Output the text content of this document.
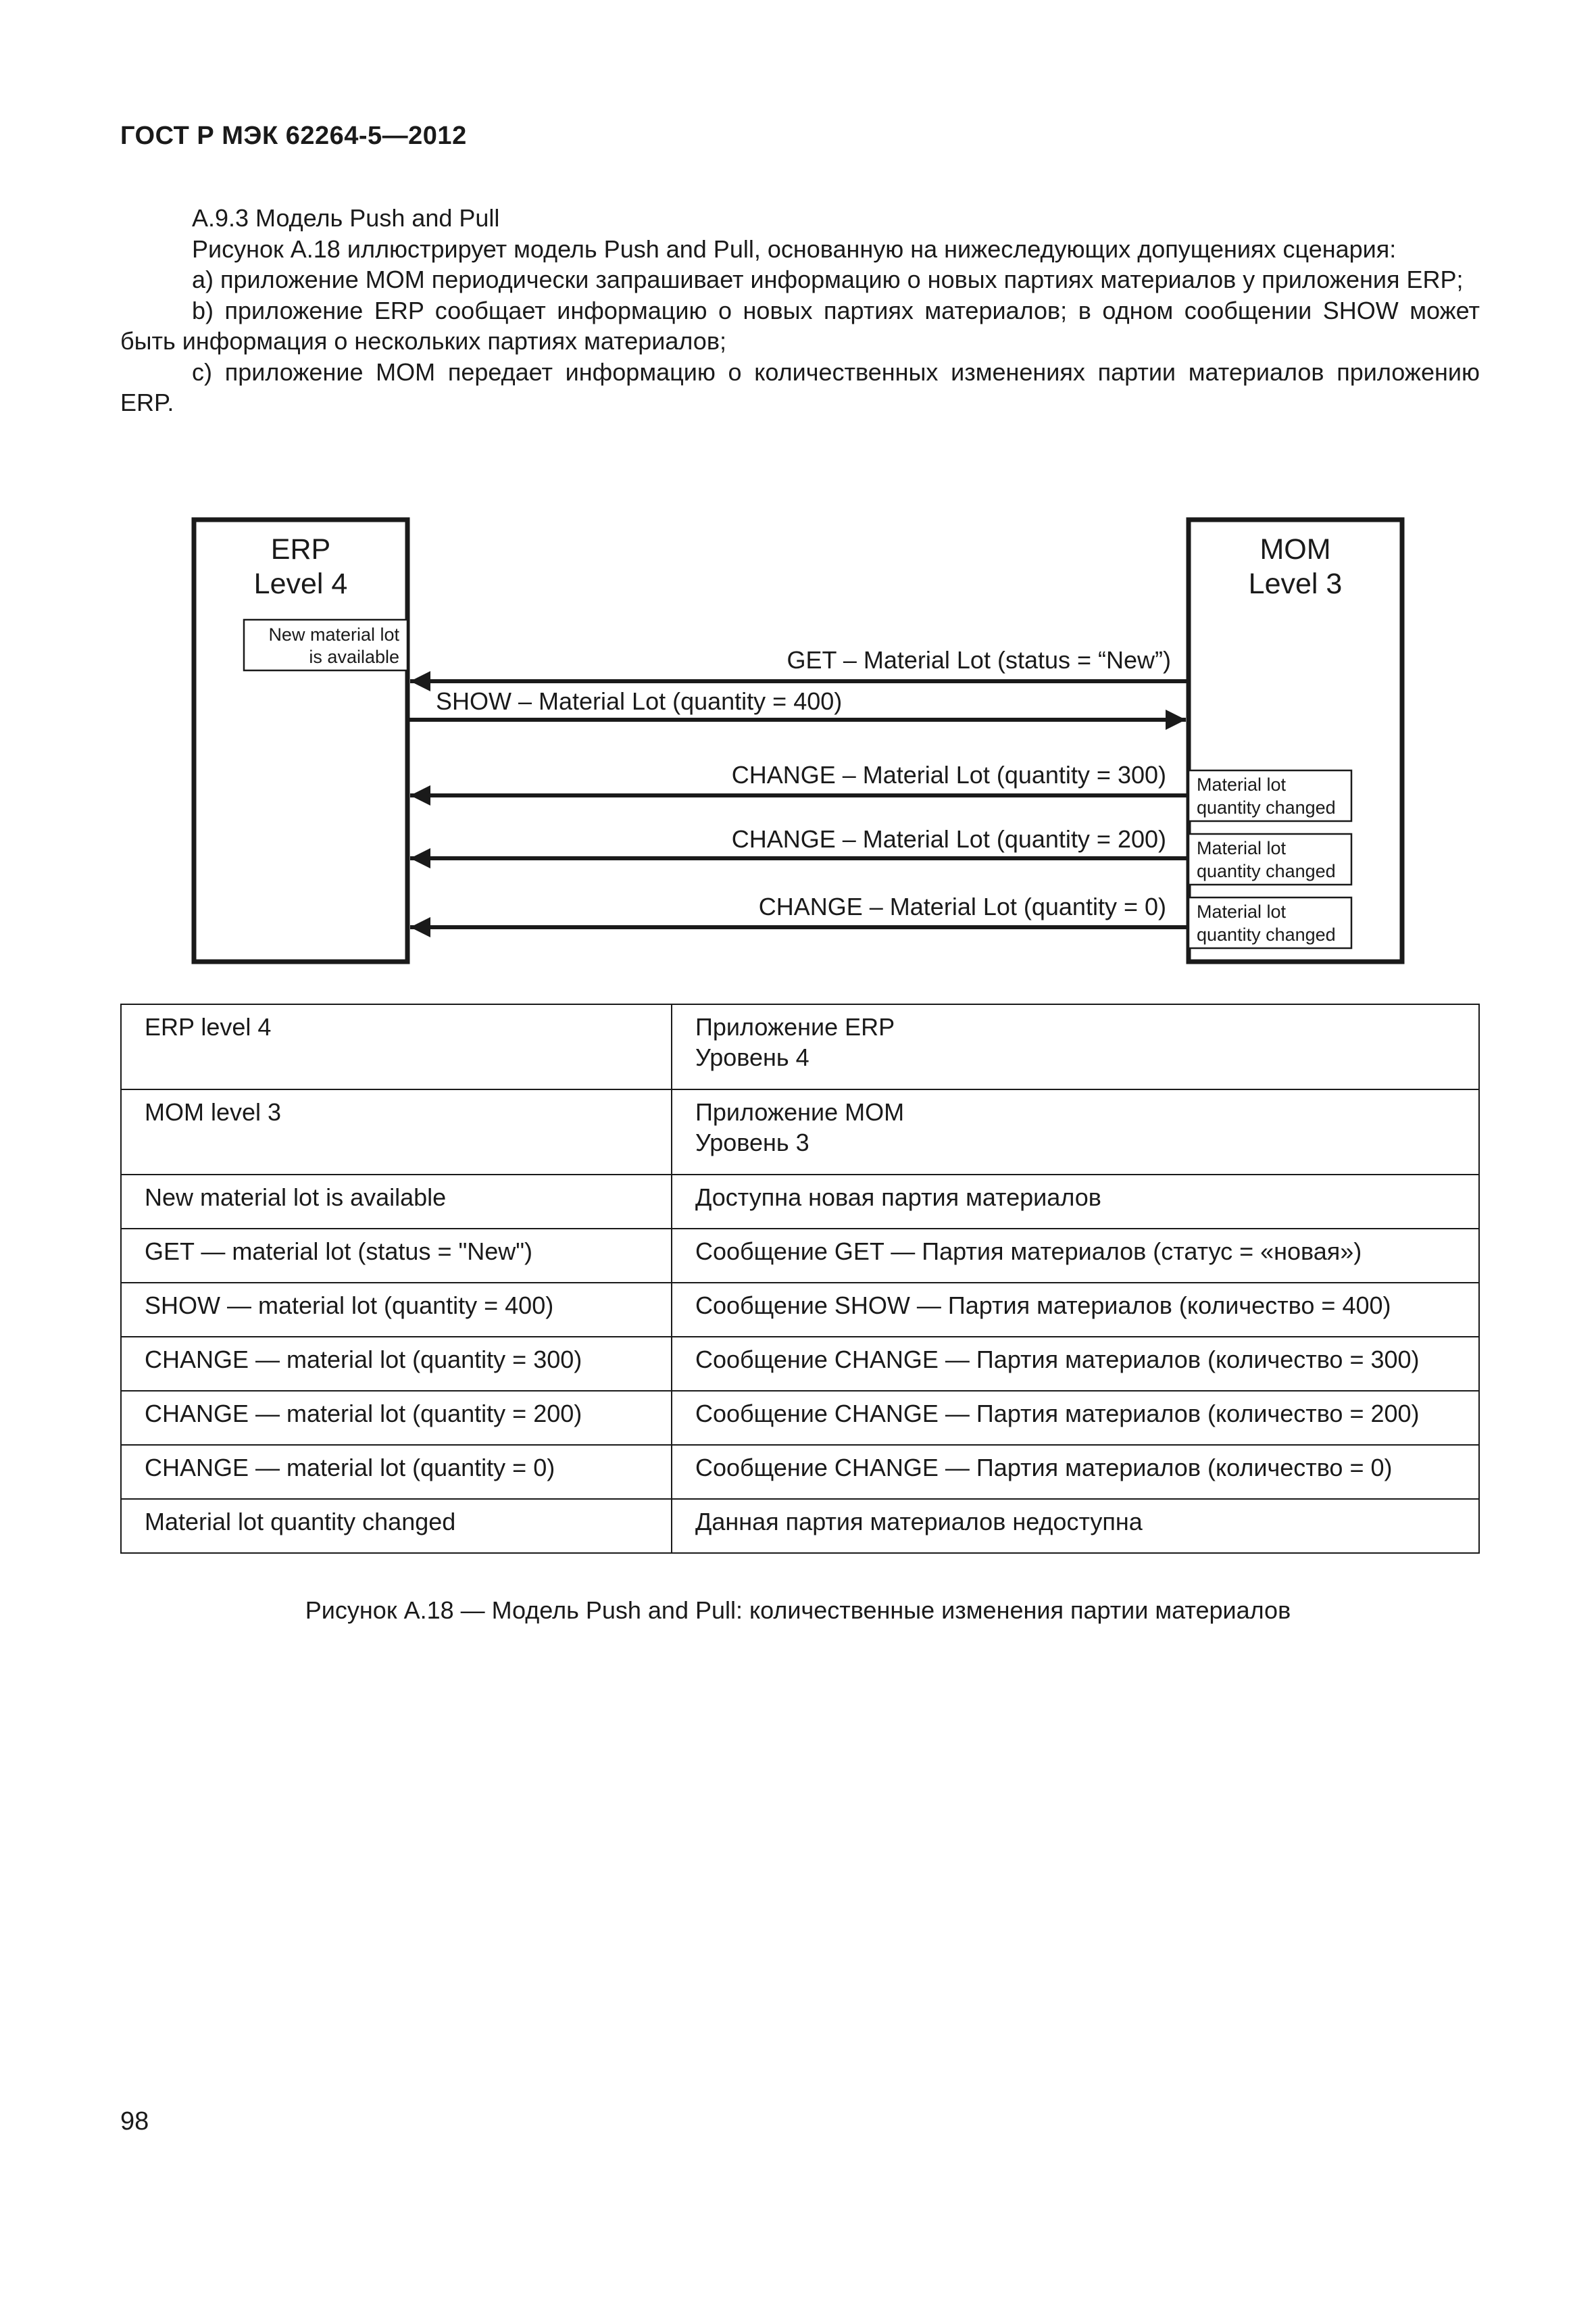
ГОСТ Р МЭК 62264-5—2012

А.9.3 Модель Push and Pull

Рисунок А.18 иллюстрирует модель Push and Pull, основанную на нижеследующих допущениях сценария:

а) приложение MOM периодически запрашивает информацию о новых партиях материалов у приложения ERP;

b) приложение ERP сообщает информацию о новых партиях материалов; в одном сообщении SHOW может быть информация о нескольких партиях материалов;

с) приложение MOM передает информацию о количественных изменениях партии материалов приложению ERP.

ERP
Level 4
New material lot
is available
MOM
Level 3
Material lot
quantity changed
Material lot
quantity changed
Material lot
quantity changed
GET – Material Lot (status = “New”)
SHOW – Material Lot (quantity = 400)
CHANGE – Material Lot (quantity = 300)
CHANGE – Material Lot (quantity = 200)
CHANGE – Material Lot (quantity = 0)
ERP level 4	Приложение ERP
Уровень 4
MOM level 3	Приложение MOM
Уровень 3
New material lot is available	Доступна новая партия материалов
GET — material lot (status = "New")	Сообщение GET — Партия материалов (статус = «новая»)
SHOW — material lot (quantity = 400)	Сообщение SHOW — Партия материалов (количество = 400)
CHANGE — material lot (quantity = 300)	Сообщение CHANGE — Партия материалов (количество = 300)
CHANGE — material lot (quantity = 200)	Сообщение CHANGE — Партия материалов (количество = 200)
CHANGE — material lot (quantity = 0)	Сообщение CHANGE — Партия материалов (количество = 0)
Material lot quantity changed	Данная партия материалов недоступна
Рисунок А.18 — Модель Push and Pull: количественные изменения партии материалов
98
